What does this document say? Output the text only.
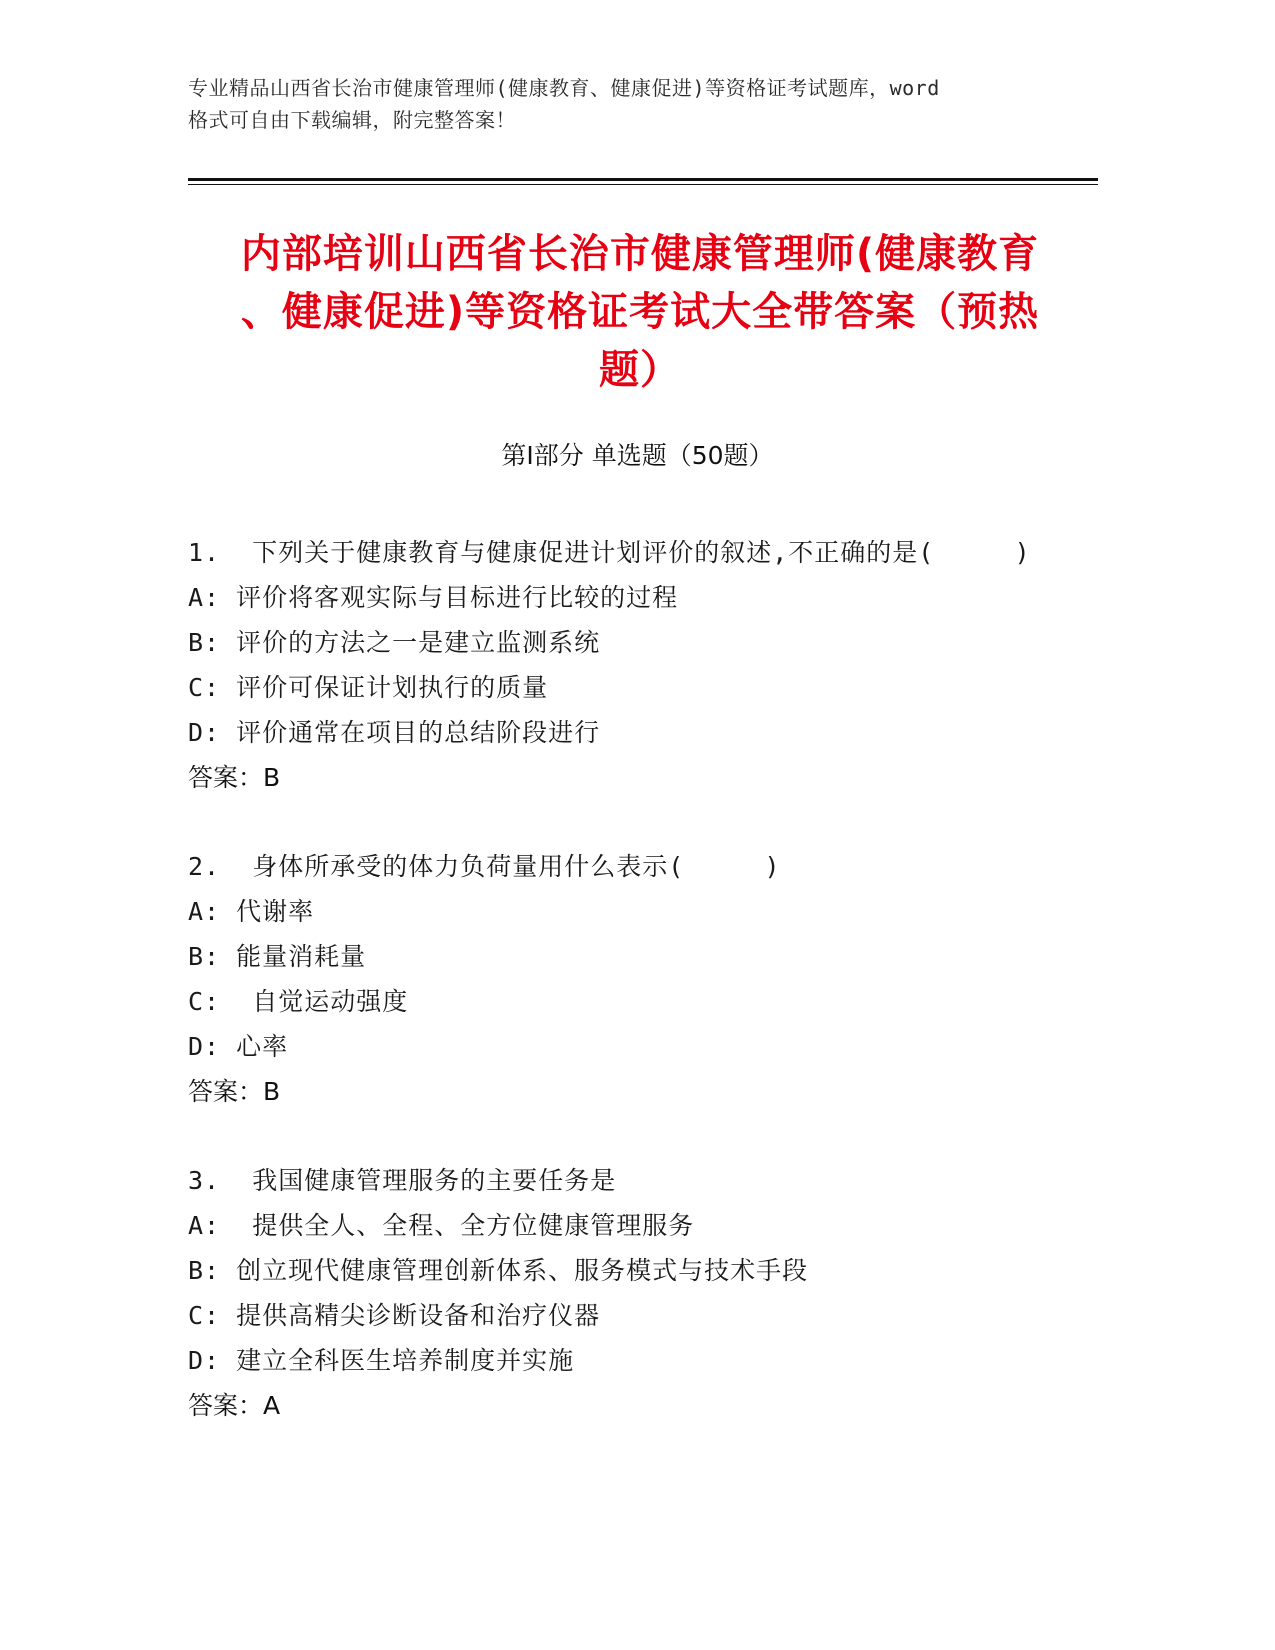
专业精品山西省长治市健康管理师(健康教育、健康促进)等资格证考试题库，word
格式可自由下载编辑，附完整答案！
内部培训山西省长治市健康管理师(健康教育
、健康促进)等资格证考试大全带答案（预热
题）
第Ⅰ部分 单选题（50题）
1.  下列关于健康教育与健康促进计划评价的叙述,不正确的是(     )
A: 评价将客观实际与目标进行比较的过程
B: 评价的方法之一是建立监测系统
C: 评价可保证计划执行的质量
D: 评价通常在项目的总结阶段进行
答案：B
2.  身体所承受的体力负荷量用什么表示(     )
A: 代谢率
B: 能量消耗量
C:  自觉运动强度
D: 心率
答案：B
3.  我国健康管理服务的主要任务是
A:  提供全人、全程、全方位健康管理服务
B: 创立现代健康管理创新体系、服务模式与技术手段
C: 提供高精尖诊断设备和治疗仪器
D: 建立全科医生培养制度并实施
答案：A
